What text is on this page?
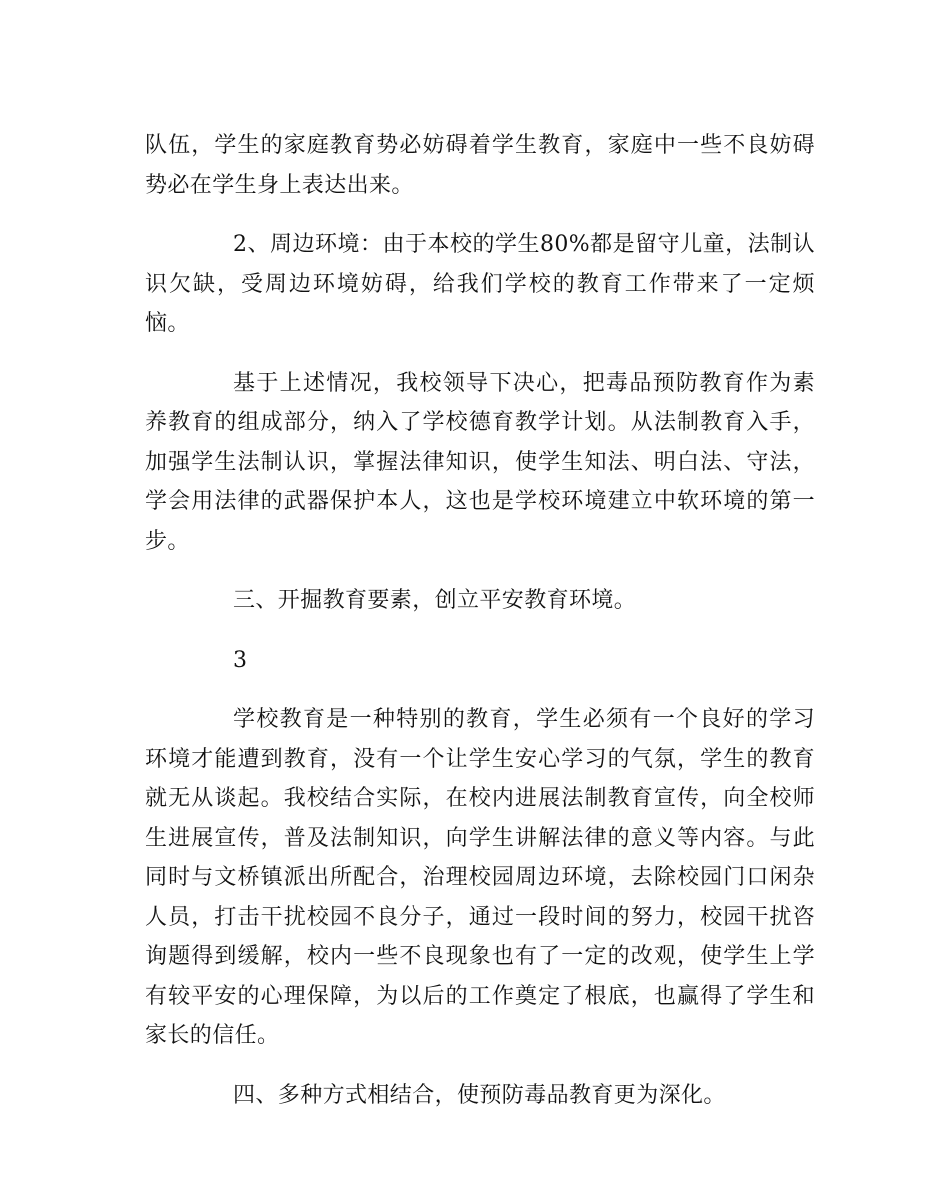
队伍，学生的家庭教育势必妨碍着学生教育，家庭中一些不良妨碍势必在学生身上表达出来。

2、周边环境：由于本校的学生80%都是留守儿童，法制认识欠缺，受周边环境妨碍，给我们学校的教育工作带来了一定烦恼。

基于上述情况，我校领导下决心，把毒品预防教育作为素养教育的组成部分，纳入了学校德育教学计划。从法制教育入手，加强学生法制认识，掌握法律知识，使学生知法、明白法、守法，学会用法律的武器保护本人，这也是学校环境建立中软环境的第一步。

三、开掘教育要素，创立平安教育环境。

3

学校教育是一种特别的教育，学生必须有一个良好的学习环境才能遭到教育，没有一个让学生安心学习的气氛，学生的教育就无从谈起。我校结合实际，在校内进展法制教育宣传，向全校师生进展宣传，普及法制知识，向学生讲解法律的意义等内容。与此同时与文桥镇派出所配合，治理校园周边环境，去除校园门口闲杂人员，打击干扰校园不良分子，通过一段时间的努力，校园干扰咨询题得到缓解，校内一些不良现象也有了一定的改观，使学生上学有较平安的心理保障，为以后的工作奠定了根底，也赢得了学生和家长的信任。

四、多种方式相结合，使预防毒品教育更为深化。
